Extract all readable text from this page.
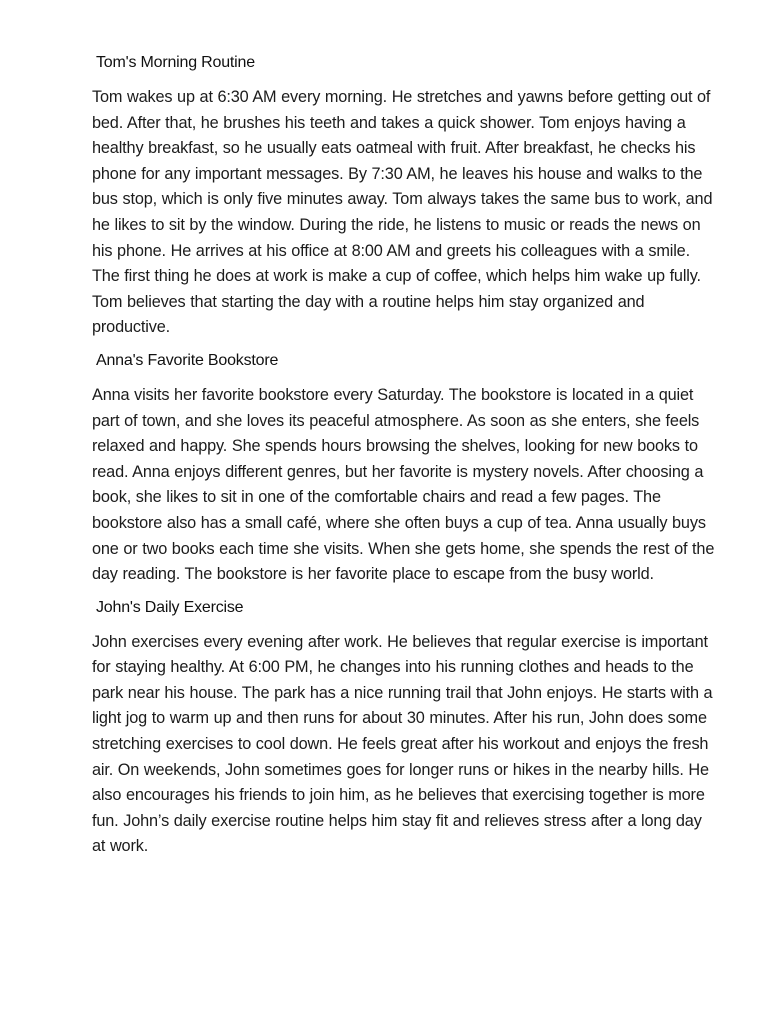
Tom's Morning Routine

Tom wakes up at 6:30 AM every morning. He stretches and yawns before getting out of bed. After that, he brushes his teeth and takes a quick shower. Tom enjoys having a healthy breakfast, so he usually eats oatmeal with fruit. After breakfast, he checks his phone for any important messages. By 7:30 AM, he leaves his house and walks to the bus stop, which is only five minutes away. Tom always takes the same bus to work, and he likes to sit by the window. During the ride, he listens to music or reads the news on his phone. He arrives at his office at 8:00 AM and greets his colleagues with a smile. The first thing he does at work is make a cup of coffee, which helps him wake up fully. Tom believes that starting the day with a routine helps him stay organized and productive.

Anna's Favorite Bookstore

Anna visits her favorite bookstore every Saturday. The bookstore is located in a quiet part of town, and she loves its peaceful atmosphere. As soon as she enters, she feels relaxed and happy. She spends hours browsing the shelves, looking for new books to read. Anna enjoys different genres, but her favorite is mystery novels. After choosing a book, she likes to sit in one of the comfortable chairs and read a few pages. The bookstore also has a small café, where she often buys a cup of tea. Anna usually buys one or two books each time she visits. When she gets home, she spends the rest of the day reading. The bookstore is her favorite place to escape from the busy world.

John's Daily Exercise

John exercises every evening after work. He believes that regular exercise is important for staying healthy. At 6:00 PM, he changes into his running clothes and heads to the park near his house. The park has a nice running trail that John enjoys. He starts with a light jog to warm up and then runs for about 30 minutes. After his run, John does some stretching exercises to cool down. He feels great after his workout and enjoys the fresh air. On weekends, John sometimes goes for longer runs or hikes in the nearby hills. He also encourages his friends to join him, as he believes that exercising together is more fun. John’s daily exercise routine helps him stay fit and relieves stress after a long day at work.
